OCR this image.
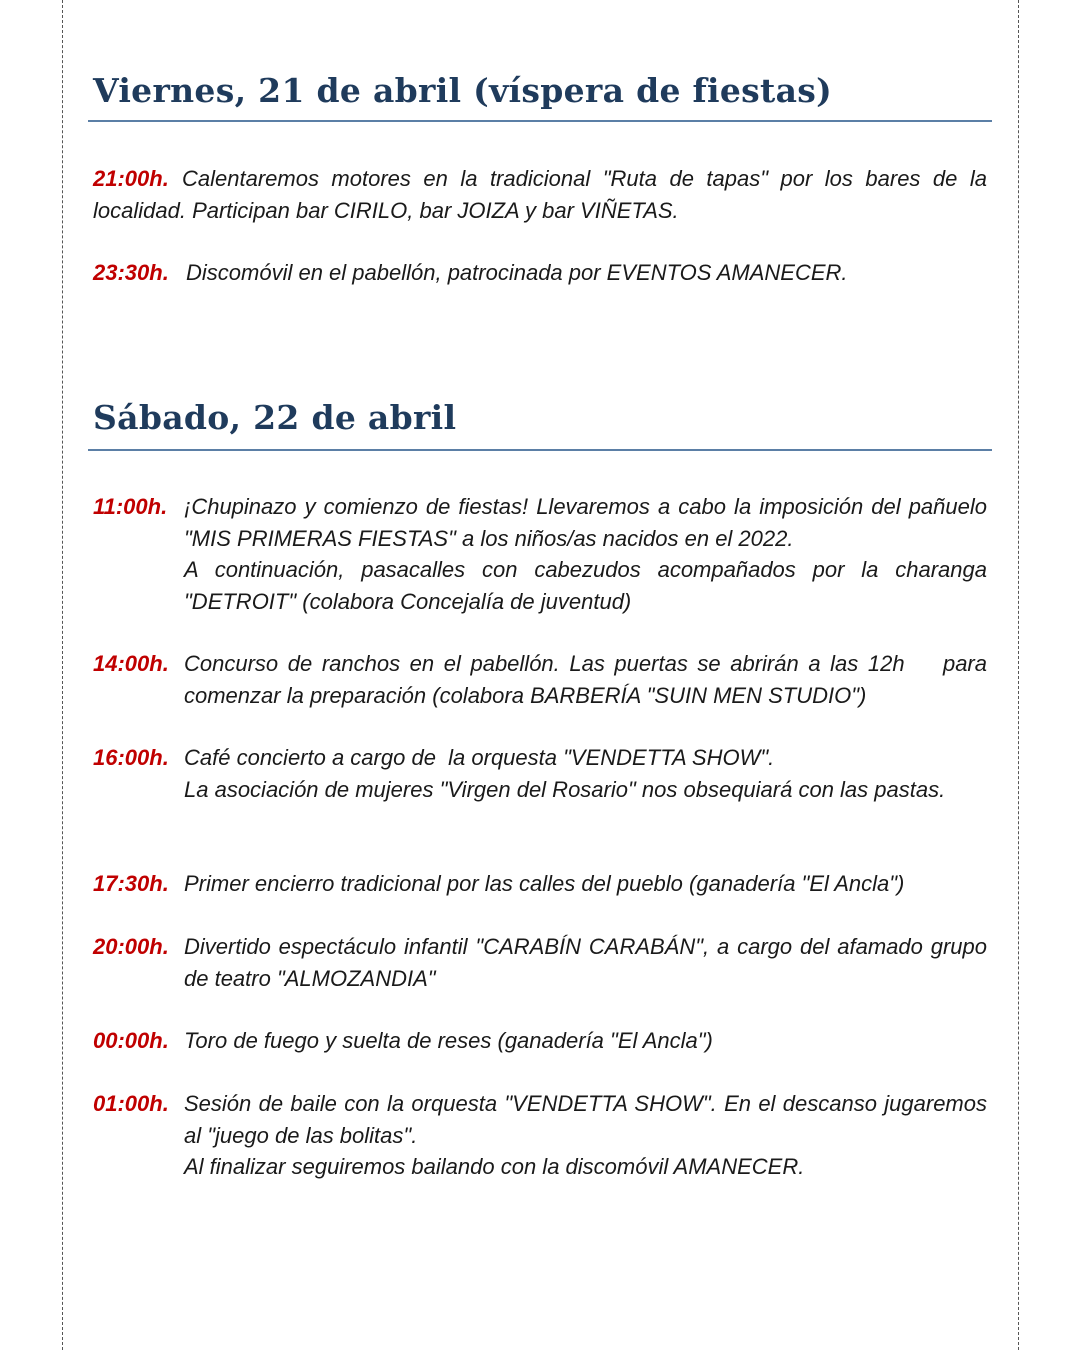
Viernes, 21 de abril (víspera de fiestas)
21:00h. Calentaremos motores en la tradicional "Ruta de tapas" por los bares de la localidad. Participan bar CIRILO, bar JOIZA y bar VIÑETAS.

23:30h. Discomóvil en el pabellón, patrocinada por EVENTOS AMANECER.

Sábado, 22 de abril
11:00h. ¡Chupinazo y comienzo de fiestas! Llevaremos a cabo la imposición del pañuelo "MIS PRIMERAS FIESTAS" a los niños/as nacidos en el 2022.

A continuación, pasacalles con cabezudos acompañados por la charanga "DETROIT" (colabora Concejalía de juventud)

14:00h. Concurso de ranchos en el pabellón. Las puertas se abrirán a las 12h    para comenzar la preparación (colabora BARBERÍA "SUIN MEN STUDIO")

16:00h. Café concierto a cargo de  la orquesta "VENDETTA SHOW".

La asociación de mujeres "Virgen del Rosario" nos obsequiará con las pastas.

17:30h. Primer encierro tradicional por las calles del pueblo (ganadería "El Ancla")

20:00h. Divertido espectáculo infantil "CARABÍN CARABÁN", a cargo del afamado grupo de teatro "ALMOZANDIA"

00:00h. Toro de fuego y suelta de reses (ganadería "El Ancla")

01:00h. Sesión de baile con la orquesta "VENDETTA SHOW". En el descanso jugaremos al "juego de las bolitas".

Al finalizar seguiremos bailando con la discomóvil AMANECER.
